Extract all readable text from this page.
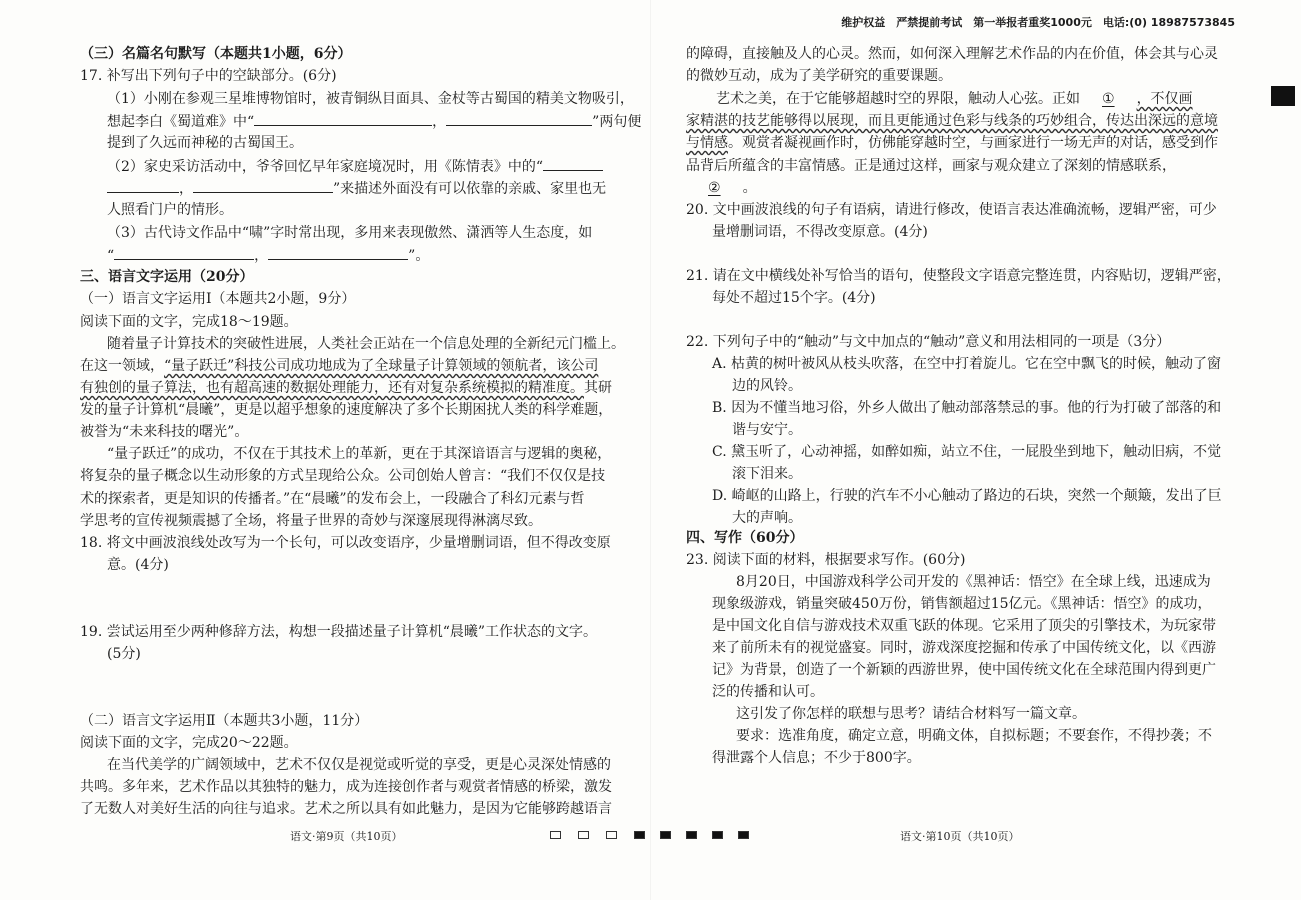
维护权益　严禁提前考试　第一举报者重奖1000元　电话:(0) 18987573845
（三）名篇名句默写（本题共1小题，6分）
17. 补写出下列句子中的空缺部分。(6分)
（1）小刚在参观三星堆博物馆时，被青铜纵目面具、金杖等古蜀国的精美文物吸引，
想起李白《蜀道难》中“	，	”两句便
提到了久远而神秘的古蜀国王。
（2）家史采访活动中，爷爷回忆早年家庭境况时，用《陈情表》中的“
，	”来描述外面没有可以依靠的亲戚、家里也无
人照看门户的情形。
（3）古代诗文作品中“啸”字时常出现，多用来表现傲然、潇洒等人生态度，如
“	，	”。
三、语言文字运用（20分）
（一）语言文字运用Ⅰ（本题共2小题，9分）
阅读下面的文字，完成18～19题。
随着量子计算技术的突破性进展，人类社会正站在一个信息处理的全新纪元门槛上。
在这一领域，“量子跃迁”科技公司成功地成为了全球量子计算领域的领航者，该公司
有独创的量子算法，也有超高速的数据处理能力，还有对复杂系统模拟的精准度。其研
发的量子计算机“晨曦”，更是以超乎想象的速度解决了多个长期困扰人类的科学难题，
被誉为“未来科技的曙光”。
“量子跃迁”的成功，不仅在于其技术上的革新，更在于其深谙语言与逻辑的奥秘，
将复杂的量子概念以生动形象的方式呈现给公众。公司创始人曾言：“我们不仅仅是技
术的探索者，更是知识的传播者。”在“晨曦”的发布会上，一段融合了科幻元素与哲
学思考的宣传视频震撼了全场，将量子世界的奇妙与深邃展现得淋漓尽致。
18. 将文中画波浪线处改写为一个长句，可以改变语序，少量增删词语，但不得改变原
意。(4分)
19. 尝试运用至少两种修辞方法，构想一段描述量子计算机“晨曦”工作状态的文字。
(5分)
（二）语言文字运用Ⅱ（本题共3小题，11分）
阅读下面的文字，完成20～22题。
在当代美学的广阔领域中，艺术不仅仅是视觉或听觉的享受，更是心灵深处情感的
共鸣。多年来，艺术作品以其独特的魅力，成为连接创作者与观赏者情感的桥梁，激发
了无数人对美好生活的向往与追求。艺术之所以具有如此魅力，是因为它能够跨越语言
语文·第9页（共10页）
的障碍，直接触及人的心灵。然而，如何深入理解艺术作品的内在价值，体会其与心灵
的微妙互动，成为了美学研究的重要课题。
艺术之美，在于它能够超越时空的界限，触动人心弦。正如 ① ，不仅画
家精湛的技艺能够得以展现，而且更能通过色彩与线条的巧妙组合，传达出深远的意境
与情感。观赏者凝视画作时，仿佛能穿越时空，与画家进行一场无声的对话，感受到作
品背后所蕴含的丰富情感。正是通过这样，画家与观众建立了深刻的情感联系，
② 。
20. 文中画波浪线的句子有语病，请进行修改，使语言表达准确流畅，逻辑严密，可少
量增删词语，不得改变原意。(4分)
21. 请在文中横线处补写恰当的语句，使整段文字语意完整连贯，内容贴切，逻辑严密，
每处不超过15个字。(4分)
22. 下列句子中的“触动”与文中加点的“触动”意义和用法相同的一项是（3分）
A. 枯黄的树叶被风从枝头吹落，在空中打着旋儿。它在空中飘飞的时候，触动了窗
边的风铃。
B. 因为不懂当地习俗，外乡人做出了触动部落禁忌的事。他的行为打破了部落的和
谐与安宁。
C. 黛玉听了，心动神摇，如醉如痴，站立不住，一屁股坐到地下，触动旧病，不觉
滚下泪来。
D. 崎岖的山路上，行驶的汽车不小心触动了路边的石块，突然一个颠簸，发出了巨
大的声响。
四、写作（60分）
23. 阅读下面的材料，根据要求写作。(60分)
8月20日，中国游戏科学公司开发的《黑神话：悟空》在全球上线，迅速成为
现象级游戏，销量突破450万份，销售额超过15亿元。《黑神话：悟空》的成功，
是中国文化自信与游戏技术双重飞跃的体现。它采用了顶尖的引擎技术，为玩家带
来了前所未有的视觉盛宴。同时，游戏深度挖掘和传承了中国传统文化，以《西游
记》为背景，创造了一个新颖的西游世界，使中国传统文化在全球范围内得到更广
泛的传播和认可。
这引发了你怎样的联想与思考？请结合材料写一篇文章。
要求：选准角度，确定立意，明确文体，自拟标题；不要套作，不得抄袭；不
得泄露个人信息；不少于800字。
语文·第10页（共10页）
